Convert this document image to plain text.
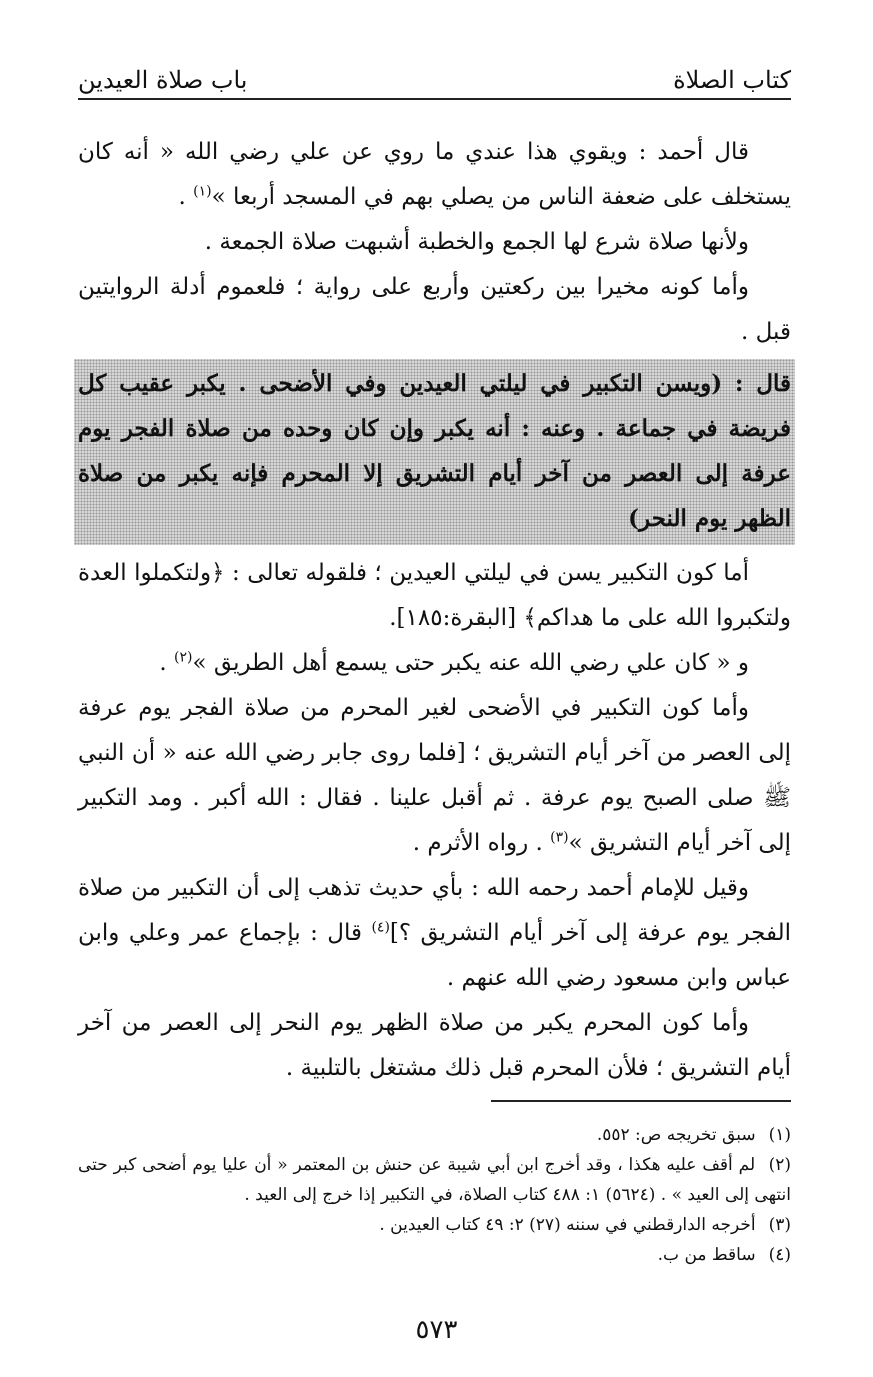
كتاب الصلاة
باب صلاة العيدين

قال أحمد : ويقوي هذا عندي ما روي عن علي رضي الله « أنه كان يستخلف على ضعفة الناس من يصلي بهم في المسجد أربعا »$^{(١)}$ .

ولأنها صلاة شرع لها الجمع والخطبة أشبهت صلاة الجمعة .

وأما كونه مخيرا بين ركعتين وأربع على رواية ؛ فلعموم أدلة الروايتين قبل .

قال : (ويسن التكبير في ليلتي العيدين وفي الأضحى . يكبر عقيب كل فريضة في جماعة . وعنه : أنه يكبر وإن كان وحده من صلاة الفجر يوم عرفة إلى العصر من آخر أيام التشريق إلا المحرم فإنه يكبر من صلاة الظهر يوم النحر)

أما كون التكبير يسن في ليلتي العيدين ؛ فلقوله تعالى : ﴿ولتكملوا العدة ولتكبروا الله على ما هداكم﴾ [البقرة:١٨٥].

و « كان علي رضي الله عنه يكبر حتى يسمع أهل الطريق »$^{(٢)}$ .

وأما كون التكبير في الأضحى لغير المحرم من صلاة الفجر يوم عرفة إلى العصر من آخر أيام التشريق ؛ [فلما روى جابر رضي الله عنه « أن النبي ﷺ صلى الصبح يوم عرفة . ثم أقبل علينا . فقال : الله أكبر . ومد التكبير إلى آخر أيام التشريق »$^{(٣)}$ . رواه الأثرم .

وقيل للإمام أحمد رحمه الله : بأي حديث تذهب إلى أن التكبير من صلاة الفجر يوم عرفة إلى آخر أيام التشريق ؟]$^{(٤)}$ قال : بإجماع عمر وعلي وابن عباس وابن مسعود رضي الله عنهم .

وأما كون المحرم يكبر من صلاة الظهر يوم النحر إلى العصر من آخر أيام التشريق ؛ فلأن المحرم قبل ذلك مشتغل بالتلبية .

(١) سبق تخريجه ص: ٥٥٢.

(٢) لم أقف عليه هكذا ، وقد أخرج ابن أبي شيبة عن حنش بن المعتمر « أن عليا يوم أضحى كبر حتى انتهى إلى العيد » . (٥٦٢٤) ١: ٤٨٨ كتاب الصلاة، في التكبير إذا خرج إلى العيد .

(٣) أخرجه الدارقطني في سننه (٢٧) ٢: ٤٩ كتاب العيدين .

(٤) ساقط من ب.

٥٧٣
